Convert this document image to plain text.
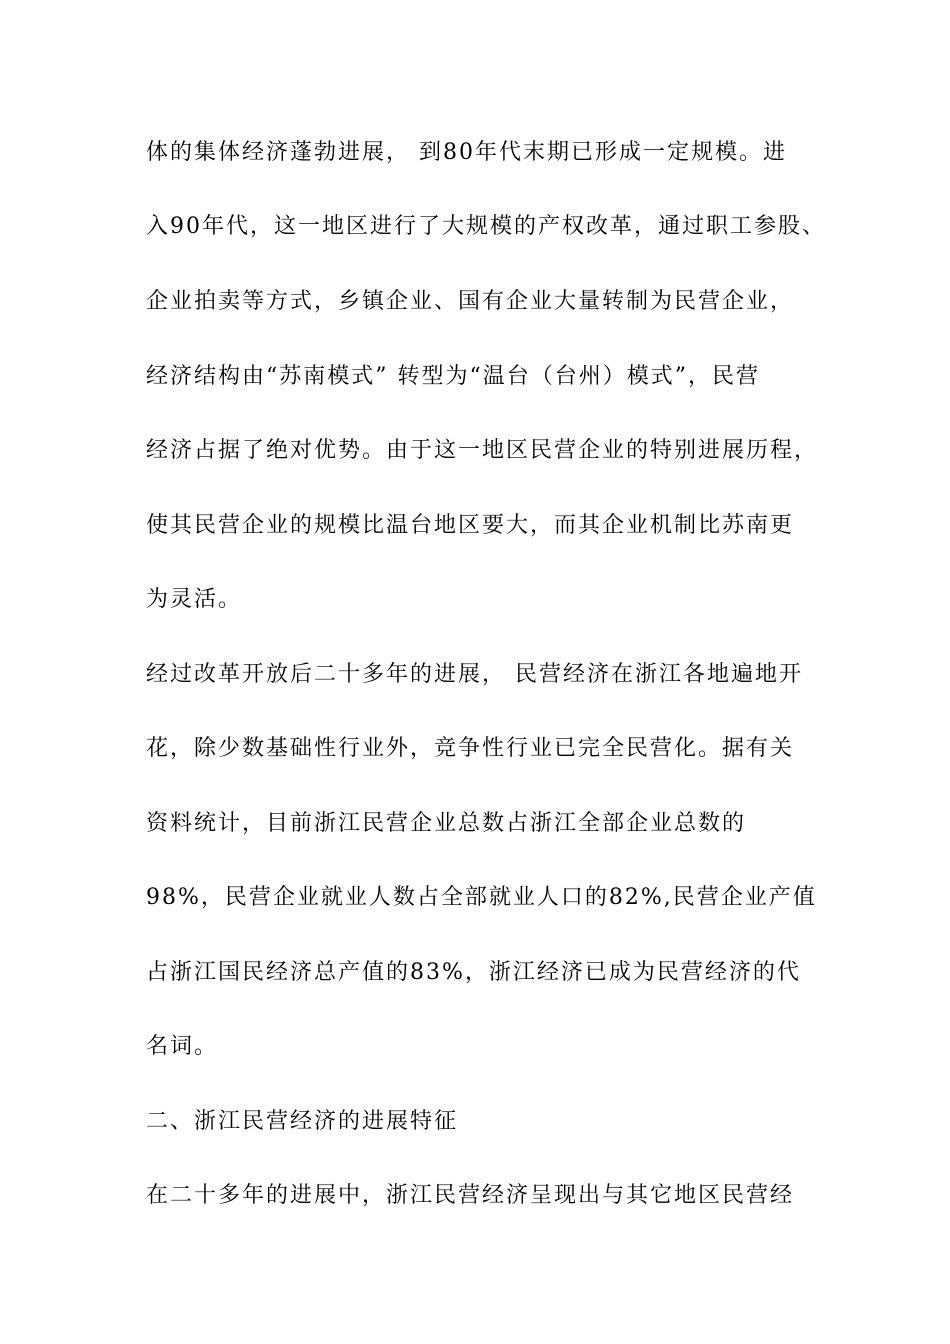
体的集体经济蓬勃进展， 到80年代末期已形成一定规模。进
入90年代，这一地区进行了大规模的产权改革，通过职工参股、
企业拍卖等方式，乡镇企业、国有企业大量转制为民营企业，
经济结构由“苏南模式” 转型为“温台（台州）模式”，民营
经济占据了绝对优势。由于这一地区民营企业的特别进展历程，
使其民营企业的规模比温台地区要大，而其企业机制比苏南更
为灵活。
经过改革开放后二十多年的进展， 民营经济在浙江各地遍地开
花，除少数基础性行业外，竞争性行业已完全民营化。据有关
资料统计，目前浙江民营企业总数占浙江全部企业总数的
98%，民营企业就业人数占全部就业人口的82%,民营企业产值
占浙江国民经济总产值的83%，浙江经济已成为民营经济的代
名词。
二、浙江民营经济的进展特征
在二十多年的进展中，浙江民营经济呈现出与其它地区民营经
